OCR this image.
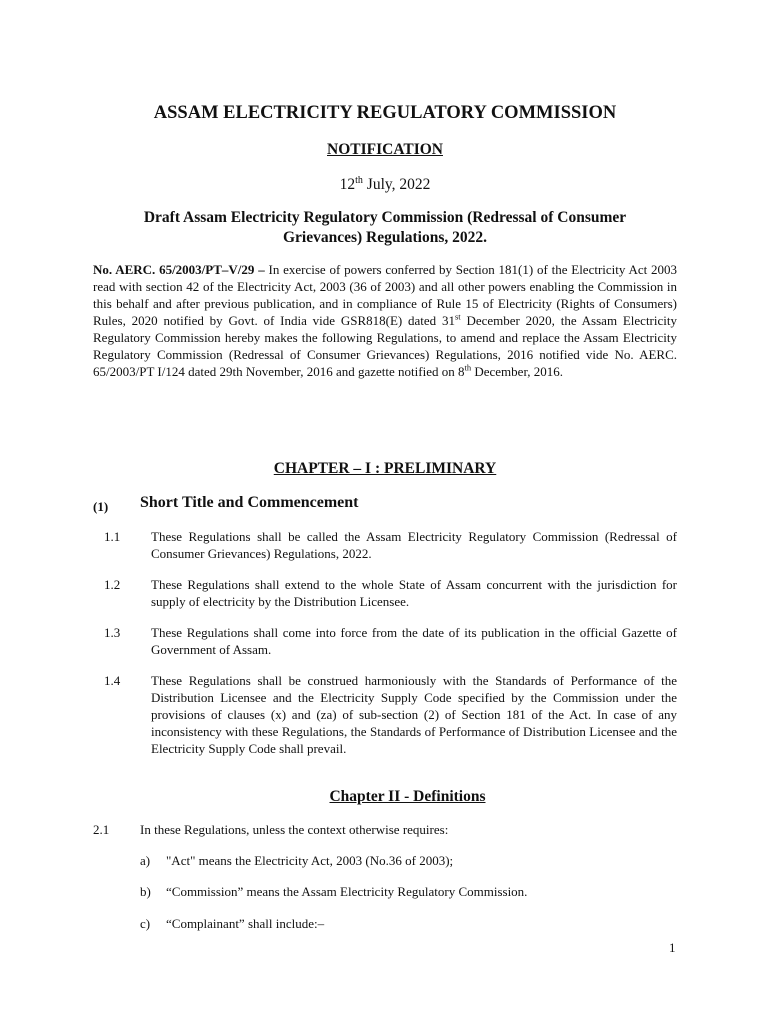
ASSAM ELECTRICITY REGULATORY COMMISSION
NOTIFICATION
12th July, 2022
Draft Assam Electricity Regulatory Commission (Redressal of Consumer Grievances) Regulations, 2022.
No. AERC. 65/2003/PT–V/29 – In exercise of powers conferred by Section 181(1) of the Electricity Act 2003 read with section 42 of the Electricity Act, 2003 (36 of 2003) and all other powers enabling the Commission in this behalf and after previous publication, and in compliance of Rule 15 of Electricity (Rights of Consumers) Rules, 2020 notified by Govt. of India vide GSR818(E) dated 31st December 2020, the Assam Electricity Regulatory Commission hereby makes the following Regulations, to amend and replace the Assam Electricity Regulatory Commission (Redressal of Consumer Grievances) Regulations, 2016 notified vide No. AERC. 65/2003/PT I/124 dated 29th November, 2016 and gazette notified on 8th December, 2016.
CHAPTER – I : PRELIMINARY
(1) Short Title and Commencement
1.1 These Regulations shall be called the Assam Electricity Regulatory Commission (Redressal of Consumer Grievances) Regulations, 2022.
1.2 These Regulations shall extend to the whole State of Assam concurrent with the jurisdiction for supply of electricity by the Distribution Licensee.
1.3 These Regulations shall come into force from the date of its publication in the official Gazette of Government of Assam.
1.4 These Regulations shall be construed harmoniously with the Standards of Performance of the Distribution Licensee and the Electricity Supply Code specified by the Commission under the provisions of clauses (x) and (za) of sub-section (2) of Section 181 of the Act. In case of any inconsistency with these Regulations, the Standards of Performance of Distribution Licensee and the Electricity Supply Code shall prevail.
Chapter II - Definitions
2.1 In these Regulations, unless the context otherwise requires:
a) "Act" means the Electricity Act, 2003 (No.36 of 2003);
b) “Commission” means the Assam Electricity Regulatory Commission.
c) “Complainant” shall include:–
1
